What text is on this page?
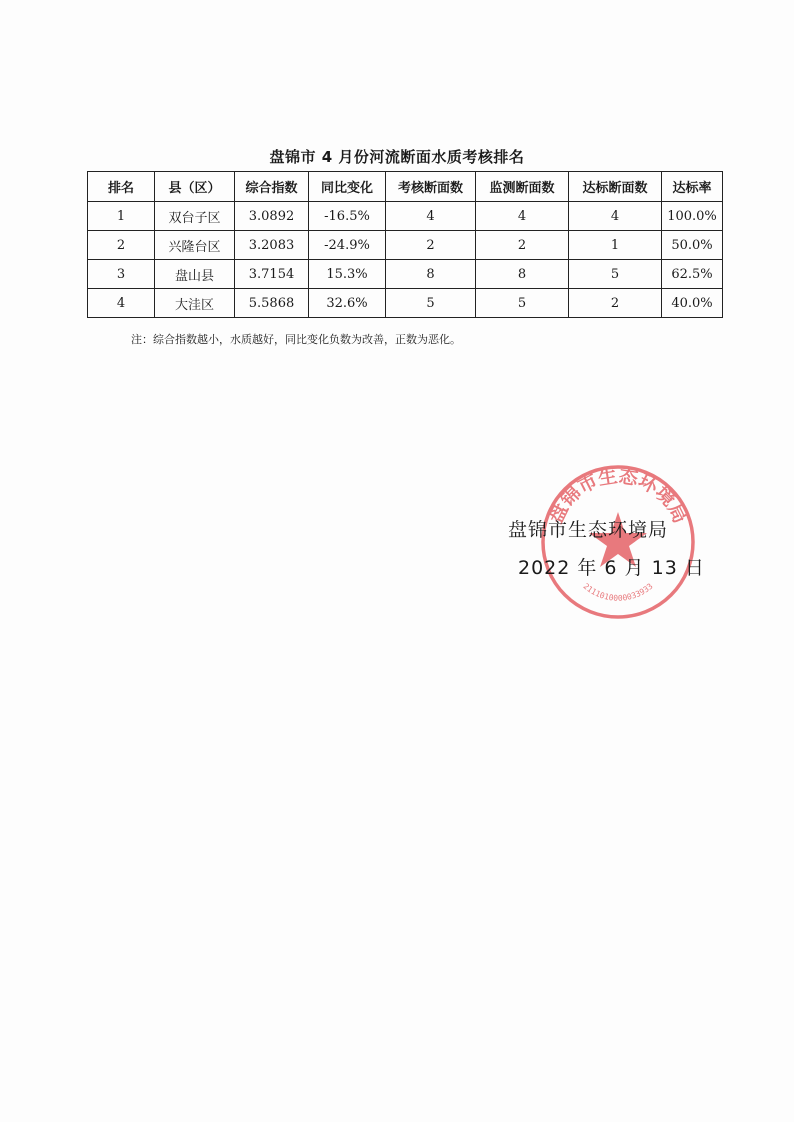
盘锦市 4 月份河流断面水质考核排名
排名	县（区）	综合指数	同比变化	考核断面数	监测断面数	达标断面数	达标率
1	双台子区	3.0892	-16.5%	4	4	4	100.0%
2	兴隆台区	3.2083	-24.9%	2	2	1	50.0%
3	盘山县	3.7154	15.3%	8	8	5	62.5%
4	大洼区	5.5868	32.6%	5	5	2	40.0%
注：综合指数越小，水质越好，同比变化负数为改善，正数为恶化。
盘锦市生态环境局
2111010000033933
盘锦市生态环境局
2022 年 6 月 13 日
